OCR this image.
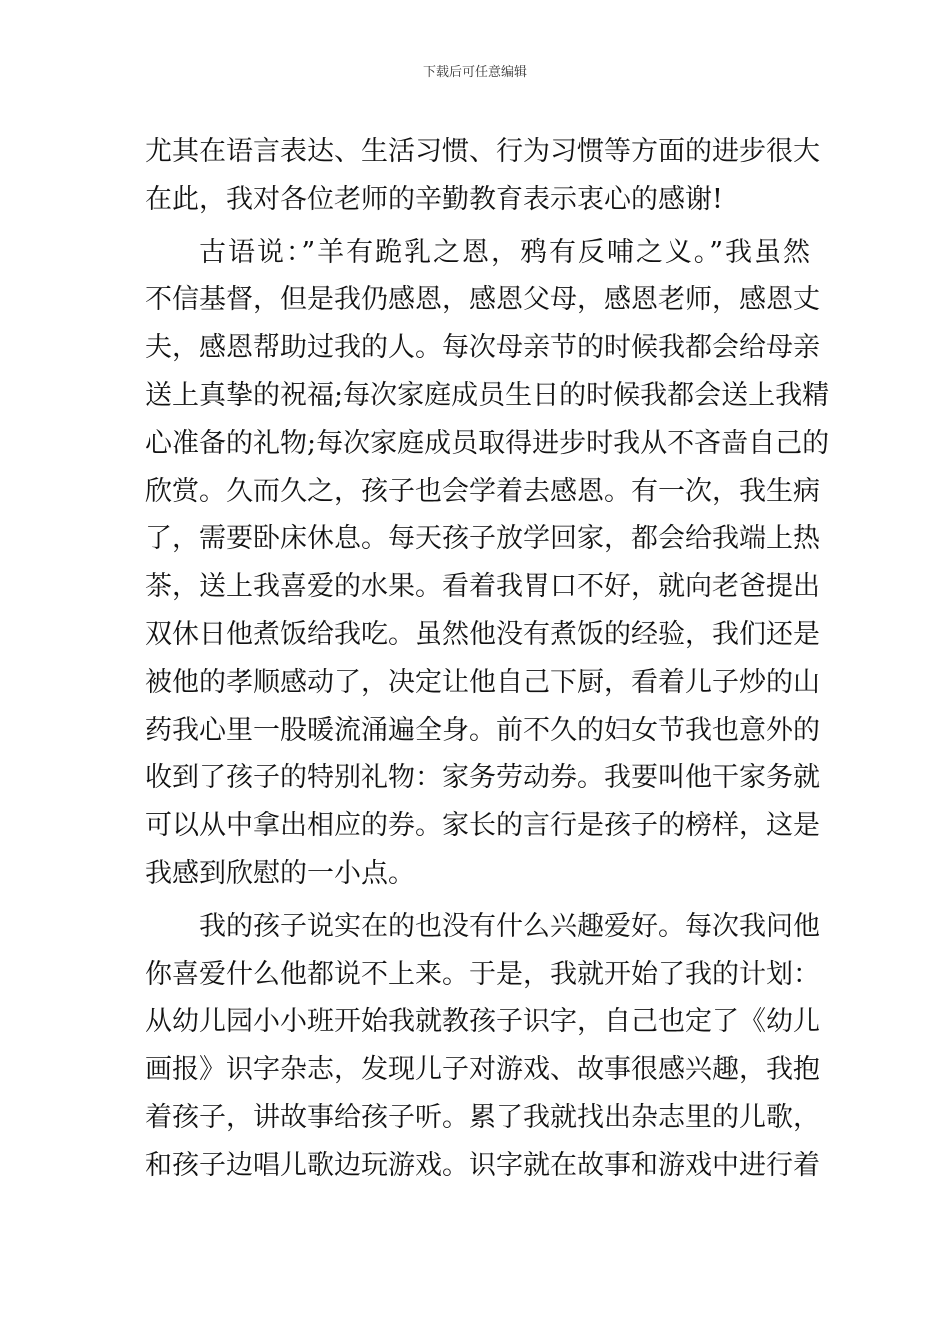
下载后可任意编辑
尤其在语言表达、生活习惯、行为习惯等方面的进步很大
在此，我对各位老师的辛勤教育表示衷心的感谢!
古语说：”羊有跪乳之恩，鸦有反哺之义。”我虽然
不信基督，但是我仍感恩，感恩父母，感恩老师，感恩丈
夫，感恩帮助过我的人。每次母亲节的时候我都会给母亲
送上真挚的祝福;每次家庭成员生日的时候我都会送上我精
心准备的礼物;每次家庭成员取得进步时我从不吝啬自己的
欣赏。久而久之，孩子也会学着去感恩。有一次，我生病
了，需要卧床休息。每天孩子放学回家，都会给我端上热
茶，送上我喜爱的水果。看着我胃口不好，就向老爸提出
双休日他煮饭给我吃。虽然他没有煮饭的经验，我们还是
被他的孝顺感动了，决定让他自己下厨，看着儿子炒的山
药我心里一股暖流涌遍全身。前不久的妇女节我也意外的
收到了孩子的特别礼物：家务劳动券。我要叫他干家务就
可以从中拿出相应的券。家长的言行是孩子的榜样，这是
我感到欣慰的一小点。
我的孩子说实在的也没有什么兴趣爱好。每次我问他
你喜爱什么他都说不上来。于是，我就开始了我的计划：
从幼儿园小小班开始我就教孩子识字，自己也定了《幼儿
画报》识字杂志，发现儿子对游戏、故事很感兴趣，我抱
着孩子，讲故事给孩子听。累了我就找出杂志里的儿歌，
和孩子边唱儿歌边玩游戏。识字就在故事和游戏中进行着
